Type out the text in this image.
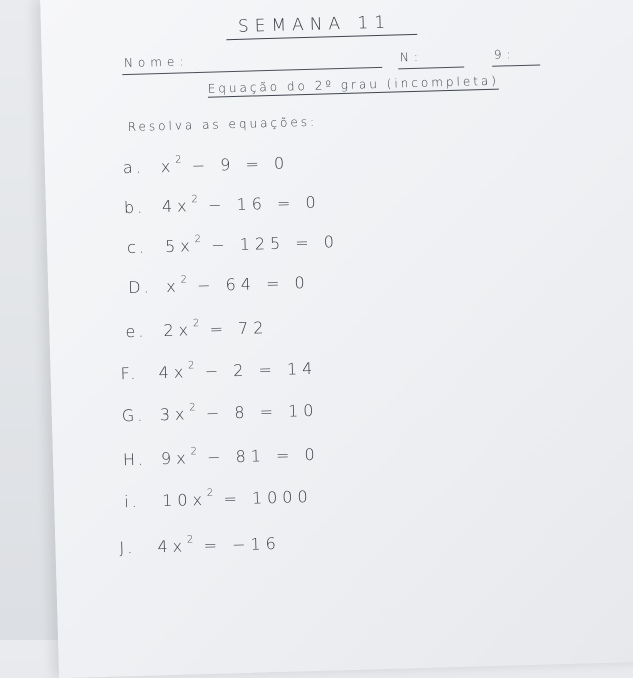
SEMANA 11
Nome:	N:	9:
Equação do 2º grau (incompleta)
Resolva as equações:
a. $x^2 - 9 = 0$
b. $4x^2 - 16 = 0$
c. $5x^2 - 125 = 0$
D. $x^2 - 64 = 0$
e. $2x^2 = 72$
F. $4x^2 - 2 = 14$
G. $3x^2 - 8 = 10$
H. $9x^2 - 81 = 0$
i. $10x^2 = 1000$
J. $4x^2 = -16$
